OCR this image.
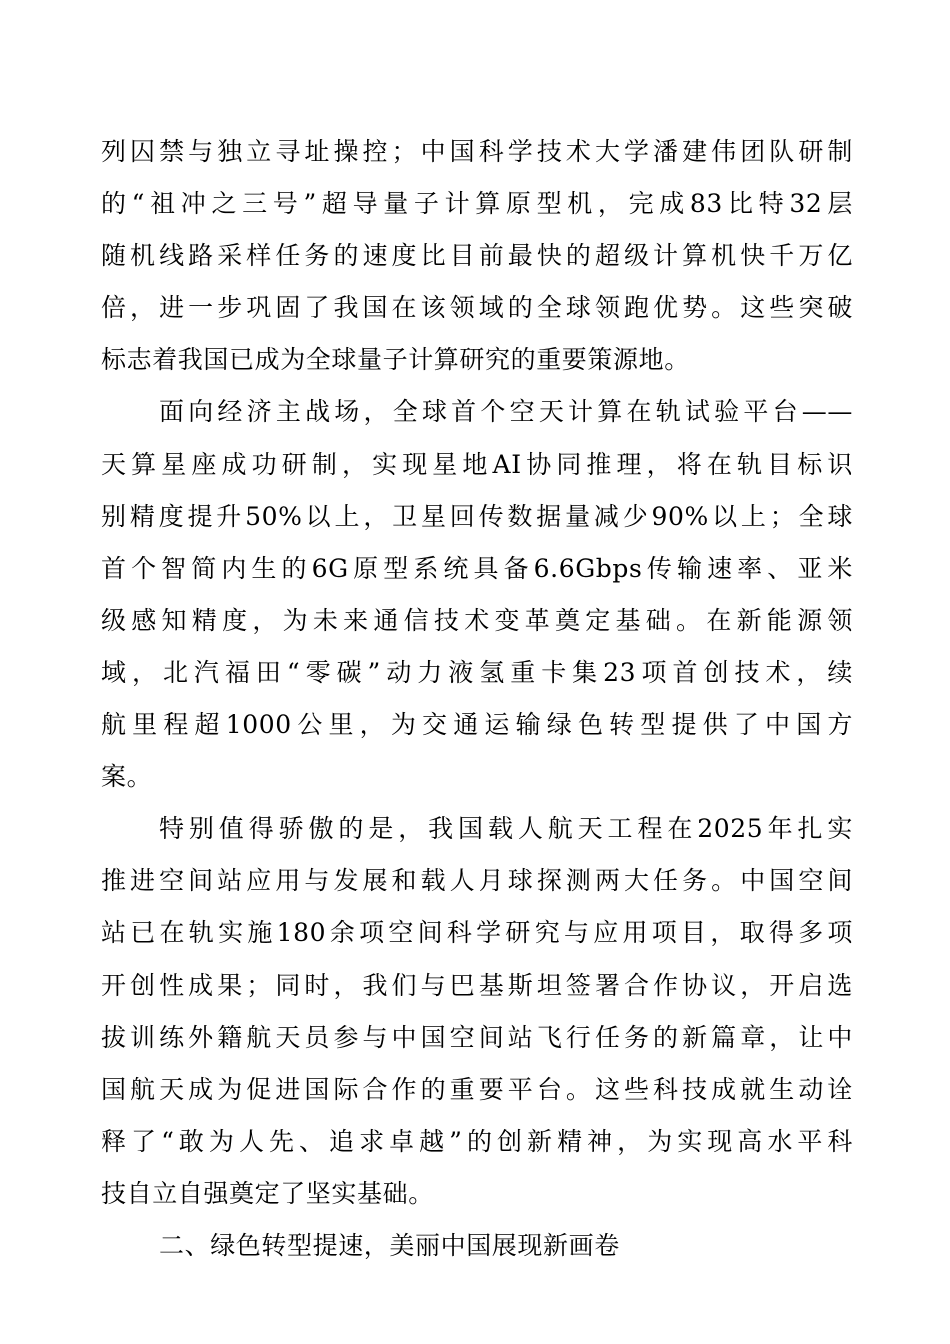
列囚禁与独立寻址操控；中国科学技术大学潘建伟团队研制
的“祖冲之三号”超导量子计算原型机，完成83比特32层
随机线路采样任务的速度比目前最快的超级计算机快千万亿
倍，进一步巩固了我国在该领域的全球领跑优势。这些突破
标志着我国已成为全球量子计算研究的重要策源地。
面向经济主战场，全球首个空天计算在轨试验平台——
天算星座成功研制，实现星地AI协同推理，将在轨目标识
别精度提升50%以上，卫星回传数据量减少90%以上；全球
首个智简内生的6G原型系统具备6.6Gbps传输速率、亚米
级感知精度，为未来通信技术变革奠定基础。在新能源领
域，北汽福田“零碳”动力液氢重卡集23项首创技术，续
航里程超1000公里，为交通运输绿色转型提供了中国方
案。
特别值得骄傲的是，我国载人航天工程在2025年扎实
推进空间站应用与发展和载人月球探测两大任务。中国空间
站已在轨实施180余项空间科学研究与应用项目，取得多项
开创性成果；同时，我们与巴基斯坦签署合作协议，开启选
拔训练外籍航天员参与中国空间站飞行任务的新篇章，让中
国航天成为促进国际合作的重要平台。这些科技成就生动诠
释了“敢为人先、追求卓越”的创新精神，为实现高水平科
技自立自强奠定了坚实基础。
二、绿色转型提速，美丽中国展现新画卷
